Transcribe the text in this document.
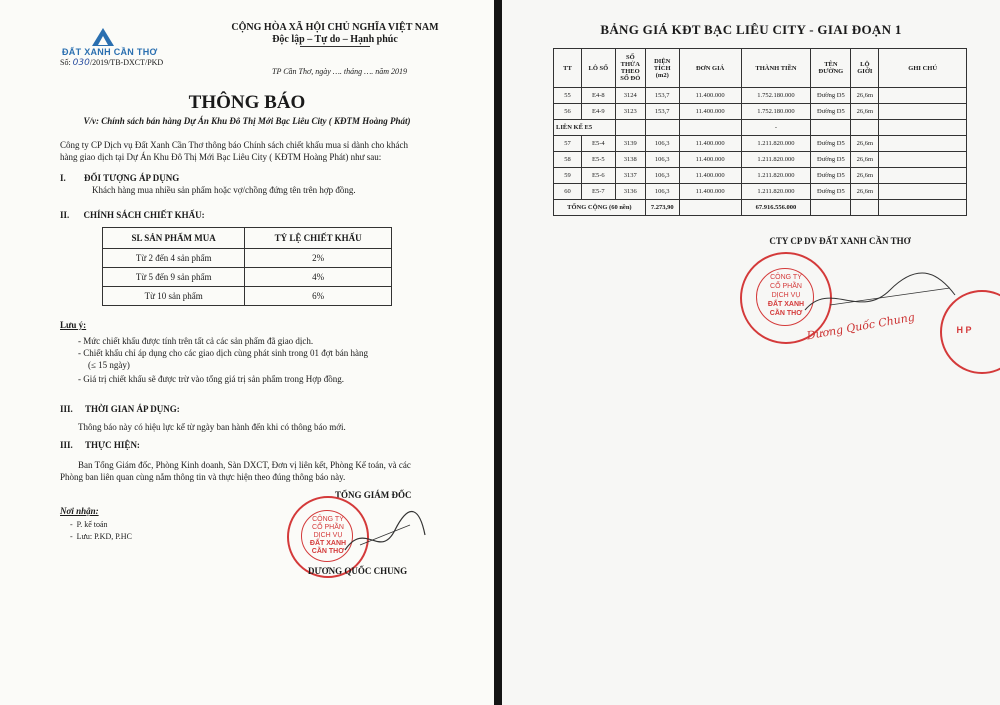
ĐẤT XANH CẦN THƠ
Số: 030/2019/TB-DXCT/PKD
CỘNG HÒA XÃ HỘI CHỦ NGHĨA VIỆT NAM
Độc lập – Tự do – Hạnh phúc
TP Cần Thơ, ngày …. tháng …. năm 2019
THÔNG BÁO
V/v: Chính sách bán hàng Dự Án Khu Đô Thị Mới Bạc Liêu City ( KĐTM Hoàng Phát)
Công ty CP Dịch vụ Đất Xanh Cần Thơ thông báo Chính sách chiết khấu mua sỉ dành cho khách
hàng giao dịch tại Dự Án Khu Đô Thị Mới Bạc Liêu City ( KĐTM Hoàng Phát) như sau:
I. ĐỐI TƯỢNG ÁP DỤNG
Khách hàng mua nhiều sản phẩm hoặc vợ/chồng đứng tên trên hợp đồng.
II. CHÍNH SÁCH CHIẾT KHẤU:
SL SẢN PHẨM MUA	TỶ LỆ CHIẾT KHẤU
Từ 2 đến 4 sản phẩm	2%
Từ 5 đến 9 sản phẩm	4%
Từ 10 sản phẩm	6%
Lưu ý:
- Mức chiết khấu được tính trên tất cả các sản phẩm đã giao dịch.
- Chiết khấu chỉ áp dụng cho các giao dịch cùng phát sinh trong 01 đợt bán hàng
(≤ 15 ngày)
- Giá trị chiết khấu sẽ được trừ vào tổng giá trị sản phẩm trong Hợp đồng.
III. THỜI GIAN ÁP DỤNG:
Thông báo này có hiệu lực kể từ ngày ban hành đến khi có thông báo mới.
III. THỰC HIỆN:
Ban Tổng Giám đốc, Phòng Kinh doanh, Sàn DXCT, Đơn vị liên kết, Phòng Kế toán, và các
Phòng ban liên quan cùng nắm thông tin và thực hiện theo đúng thông báo này.
TỔNG GIÁM ĐỐC
Nơi nhận:
-  P. kế toán
-  Lưu: P.KD, P.HC
CÔNG TY
CỔ PHẦN
DỊCH VỤ
ĐẤT XANH
CẦN THƠ
DƯƠNG QUỐC CHUNG
BẢNG GIÁ KĐT BẠC LIÊU CITY - GIAI ĐOẠN 1
TT	LÔ SỐ	SỐ THỬA THEO SỔ ĐỎ	DIỆN TÍCH (m2)	ĐƠN GIÁ	THÀNH TIỀN	TÊN ĐƯỜNG	LỘ GIỚI	GHI CHÚ
55	E4-8	3124	153,7	11.400.000	1.752.180.000	Đường D5	26,6m	
56	E4-9	3123	153,7	11.400.000	1.752.180.000	Đường D5	26,6m	
LIÊN KẾ E5					-			
57	E5-4	3139	106,3	11.400.000	1.211.820.000	Đường D5	26,6m	
58	E5-5	3138	106,3	11.400.000	1.211.820.000	Đường D5	26,6m	
59	E5-6	3137	106,3	11.400.000	1.211.820.000	Đường D5	26,6m	
60	E5-7	3136	106,3	11.400.000	1.211.820.000	Đường D5	26,6m	
TỔNG CỘNG (60 nền)			7.273,90		67.916.556.000			
CTY CP DV ĐẤT XANH CẦN THƠ
CÔNG TY
CỔ PHẦN
DỊCH VỤ
ĐẤT XANH
CẦN THƠ Dương Quốc Chung	H P
